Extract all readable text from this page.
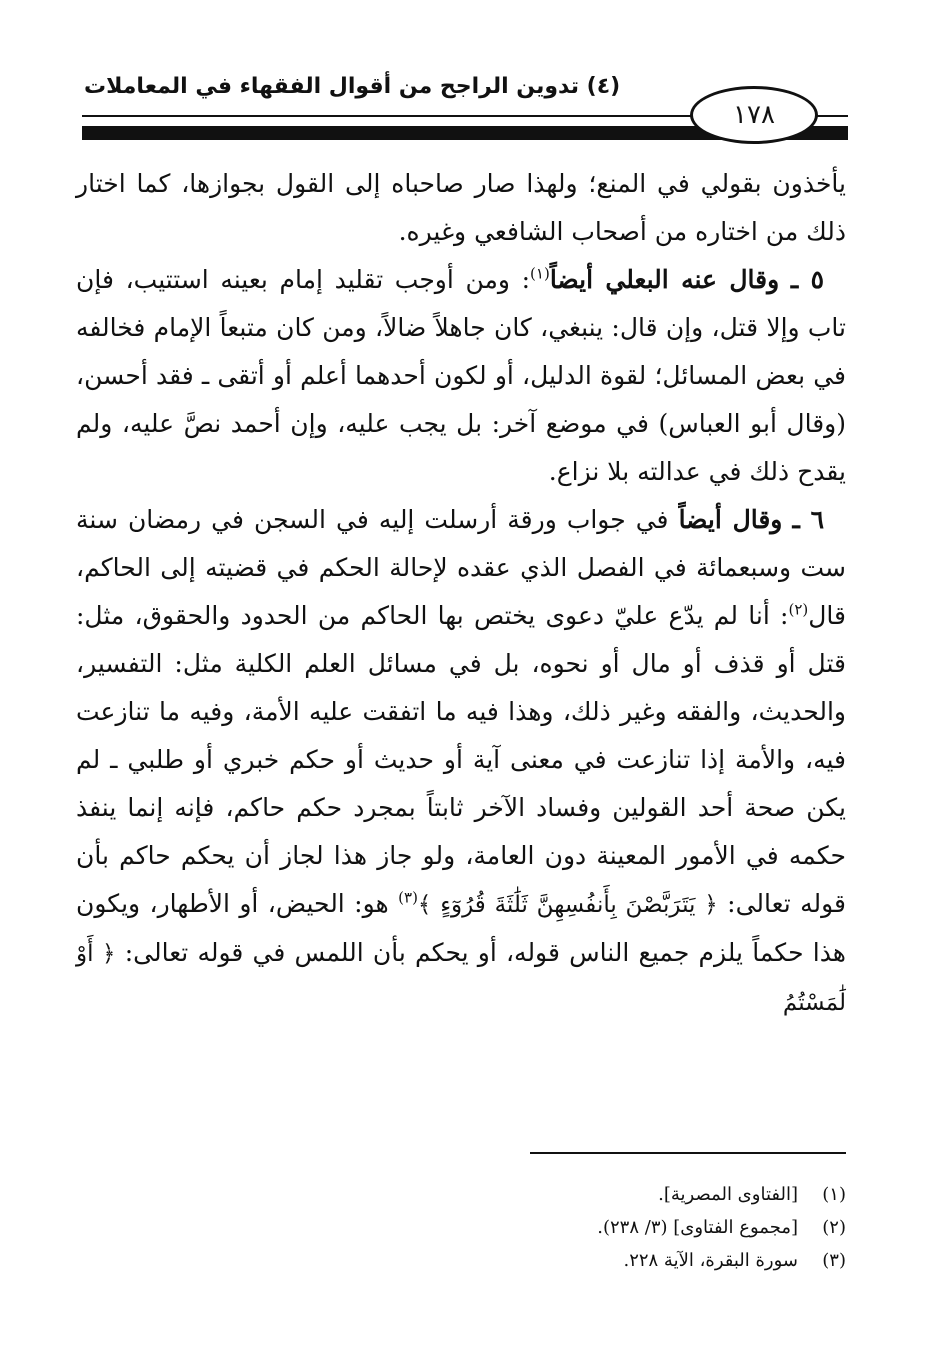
(٤) تدوين الراجح من أقوال الفقهاء في المعاملات
١٧٨

يأخذون بقولي في المنع؛ ولهذا صار صاحباه إلى القول بجوازها، كما اختار ذلك من اختاره من أصحاب الشافعي وغيره.

٥ ـ وقال عنه البعلي أيضاً$^{(١)}$: ومن أوجب تقليد إمام بعينه استتيب، فإن تاب وإلا قتل، وإن قال: ينبغي، كان جاهلاً ضالاً، ومن كان متبعاً الإمام فخالفه في بعض المسائل؛ لقوة الدليل، أو لكون أحدهما أعلم أو أتقى ـ فقد أحسن، (وقال أبو العباس) في موضع آخر: بل يجب عليه، وإن أحمد نصَّ عليه، ولم يقدح ذلك في عدالته بلا نزاع.

٦ ـ وقال أيضاً في جواب ورقة أرسلت إليه في السجن في رمضان سنة ست وسبعمائة في الفصل الذي عقده لإحالة الحكم في قضيته إلى الحاكم، قال$^{(٢)}$: أنا لم يدّع عليّ دعوى يختص بها الحاكم من الحدود والحقوق، مثل: قتل أو قذف أو مال أو نحوه، بل في مسائل العلم الكلية مثل: التفسير، والحديث، والفقه وغير ذلك، وهذا فيه ما اتفقت عليه الأمة، وفيه ما تنازعت فيه، والأمة إذا تنازعت في معنى آية أو حديث أو حكم خبري أو طلبي ـ لم يكن صحة أحد القولين وفساد الآخر ثابتاً بمجرد حكم حاكم، فإنه إنما ينفذ حكمه في الأمور المعينة دون العامة، ولو جاز هذا لجاز أن يحكم حاكم بأن قوله تعالى: ﴿ يَتَرَبَّصْنَ بِأَنفُسِهِنَّ ثَلَٰثَةَ قُرُوٓءٍ ﴾$^{(٣)}$ هو: الحيض، أو الأطهار، ويكون هذا حكماً يلزم جميع الناس قوله، أو يحكم بأن اللمس في قوله تعالى: ﴿ أَوْ لَٰمَسْتُمُ

(١)
[الفتاوى المصرية].
(٢)
[مجموع الفتاوى] (٣/ ٢٣٨).
(٣)
سورة البقرة، الآية ٢٢٨.
